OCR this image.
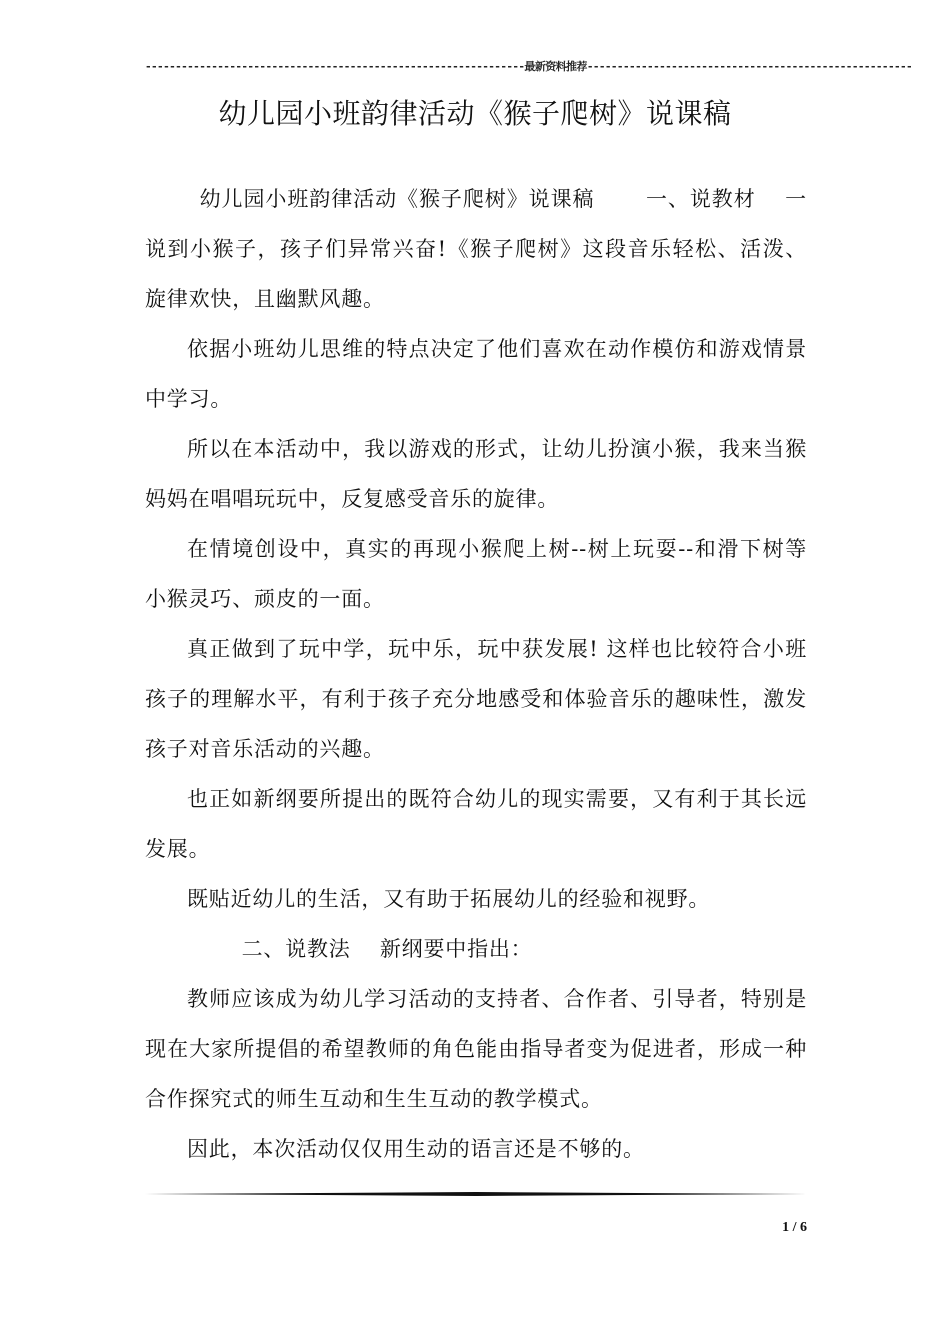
---------------------------------------------------------------最新资料推荐------------------------------------------------------
幼儿园小班韵律活动《猴子爬树》说课稿

幼儿园小班韵律活动《猴子爬树》说课稿　　 一、说教材　 一说到小猴子，孩子们异常兴奋!《猴子爬树》这段音乐轻松、活泼、旋律欢快，且幽默风趣。

依据小班幼儿思维的特点决定了他们喜欢在动作模仿和游戏情景中学习。

所以在本活动中，我以游戏的形式，让幼儿扮演小猴，我来当猴妈妈在唱唱玩玩中，反复感受音乐的旋律。

在情境创设中，真实的再现小猴爬上树--树上玩耍--和滑下树等小猴灵巧、顽皮的一面。

真正做到了玩中学，玩中乐，玩中获发展! 这样也比较符合小班孩子的理解水平，有利于孩子充分地感受和体验音乐的趣味性，激发孩子对音乐活动的兴趣。

也正如新纲要所提出的既符合幼儿的现实需要，又有利于其长远发展。

既贴近幼儿的生活，又有助于拓展幼儿的经验和视野。

二、说教法　 新纲要中指出：

教师应该成为幼儿学习活动的支持者、合作者、引导者，特别是现在大家所提倡的希望教师的角色能由指导者变为促进者，形成一种合作探究式的师生互动和生生互动的教学模式。

因此，本次活动仅仅用生动的语言还是不够的。

1 / 6
